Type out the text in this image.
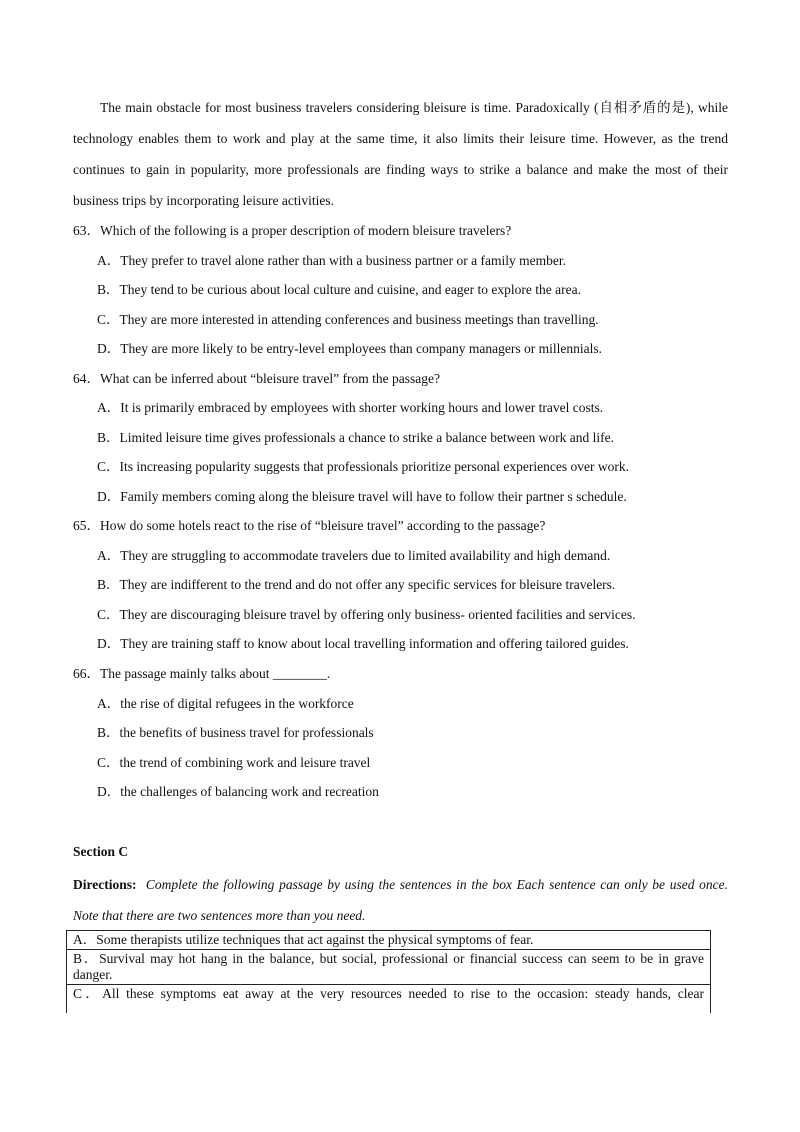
The main obstacle for most business travelers considering bleisure is time. Paradoxically (自相矛盾的是), while technology enables them to work and play at the same time, it also limits their leisure time. However, as the trend continues to gain in popularity, more professionals are finding ways to strike a balance and make the most of their business trips by incorporating leisure activities.
63．Which of the following is a proper description of modern bleisure travelers?
A．They prefer to travel alone rather than with a business partner or a family member.
B．They tend to be curious about local culture and cuisine, and eager to explore the area.
C．They are more interested in attending conferences and business meetings than travelling.
D．They are more likely to be entry-level employees than company managers or millennials.
64．What can be inferred about “bleisure travel” from the passage?
A．It is primarily embraced by employees with shorter working hours and lower travel costs.
B．Limited leisure time gives professionals a chance to strike a balance between work and life.
C．Its increasing popularity suggests that professionals prioritize personal experiences over work.
D．Family members coming along the bleisure travel will have to follow their partner s schedule.
65．How do some hotels react to the rise of “bleisure travel” according to the passage?
A．They are struggling to accommodate travelers due to limited availability and high demand.
B．They are indifferent to the trend and do not offer any specific services for bleisure travelers.
C．They are discouraging bleisure travel by offering only business- oriented facilities and services.
D．They are training staff to know about local travelling information and offering tailored guides.
66．The passage mainly talks about ________.
A．the rise of digital refugees in the workforce
B．the benefits of business travel for professionals
C．the trend of combining work and leisure travel
D．the challenges of balancing work and recreation
Section C
Directions: Complete the following passage by using the sentences in the box Each sentence can only be used once. Note that there are two sentences more than you need.
A．Some therapists utilize techniques that act against the physical symptoms of fear.
B．Survival may hot hang in the balance, but social, professional or financial success can seem to be in grave danger.
C．All these symptoms eat away at the very resources needed to rise to the occasion: steady hands, clear
